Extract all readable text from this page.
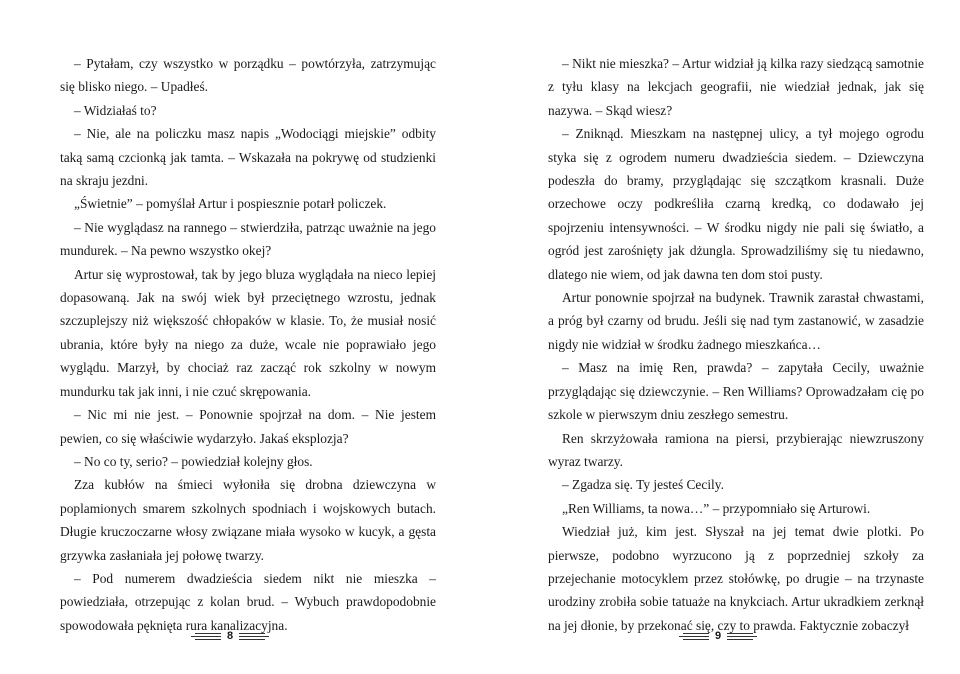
– Pytałam, czy wszystko w porządku – powtórzyła, zatrzymując się blisko niego. – Upadłeś.

– Widziałaś to?

– Nie, ale na policzku masz napis „Wodociągi miejskie” odbity taką samą czcionką jak tamta. – Wskazała na pokrywę od studzienki na skraju jezdni.

„Świetnie” – pomyślał Artur i pospiesznie potarł policzek.

– Nie wyglądasz na rannego – stwierdziła, patrząc uważnie na jego mundurek. – Na pewno wszystko okej?

Artur się wyprostował, tak by jego bluza wyglądała na nieco lepiej dopasowaną. Jak na swój wiek był przeciętnego wzrostu, jednak szczuplejszy niż większość chłopaków w klasie. To, że musiał nosić ubrania, które były na niego za duże, wcale nie poprawiało jego wyglądu. Marzył, by chociaż raz zacząć rok szkolny w nowym mundurku tak jak inni, i nie czuć skrępowania.

– Nic mi nie jest. – Ponownie spojrzał na dom. – Nie jestem pewien, co się właściwie wydarzyło. Jakaś eksplozja?

– No co ty, serio? – powiedział kolejny głos.

Zza kubłów na śmieci wyłoniła się drobna dziewczyna w poplamionych smarem szkolnych spodniach i wojskowych butach. Długie kruczoczarne włosy związane miała wysoko w kucyk, a gęsta grzywka zasłaniała jej połowę twarzy.

– Pod numerem dwadzieścia siedem nikt nie mieszka – powiedziała, otrzepując z kolan brud. – Wybuch prawdopodobnie spowodowała pęknięta rura kanalizacyjna.

8

– Nikt nie mieszka? – Artur widział ją kilka razy siedzącą samotnie z tyłu klasy na lekcjach geografii, nie wiedział jednak, jak się nazywa. – Skąd wiesz?

– Zniknąd. Mieszkam na następnej ulicy, a tył mojego ogrodu styka się z ogrodem numeru dwadzieścia siedem. – Dziewczyna podeszła do bramy, przyglądając się szczątkom krasnali. Duże orzechowe oczy podkreśliła czarną kredką, co dodawało jej spojrzeniu intensywności. – W środku nigdy nie pali się światło, a ogród jest zarośnięty jak dżungla. Sprowadziliśmy się tu niedawno, dlatego nie wiem, od jak dawna ten dom stoi pusty.

Artur ponownie spojrzał na budynek. Trawnik zarastał chwastami, a próg był czarny od brudu. Jeśli się nad tym zastanowić, w zasadzie nigdy nie widział w środku żadnego mieszkańca…

– Masz na imię Ren, prawda? – zapytała Cecily, uważnie przyglądając się dziewczynie. – Ren Williams? Oprowadzałam cię po szkole w pierwszym dniu zeszłego semestru.

Ren skrzyżowała ramiona na piersi, przybierając niewzruszony wyraz twarzy.

– Zgadza się. Ty jesteś Cecily.

„Ren Williams, ta nowa…” – przypomniało się Arturowi.

Wiedział już, kim jest. Słyszał na jej temat dwie plotki. Po pierwsze, podobno wyrzucono ją z poprzedniej szkoły za przejechanie motocyklem przez stołówkę, po drugie – na trzynaste urodziny zrobiła sobie tatuaże na knykciach. Artur ukradkiem zerknął na jej dłonie, by przekonać się, czy to prawda. Faktycznie zobaczył

9
